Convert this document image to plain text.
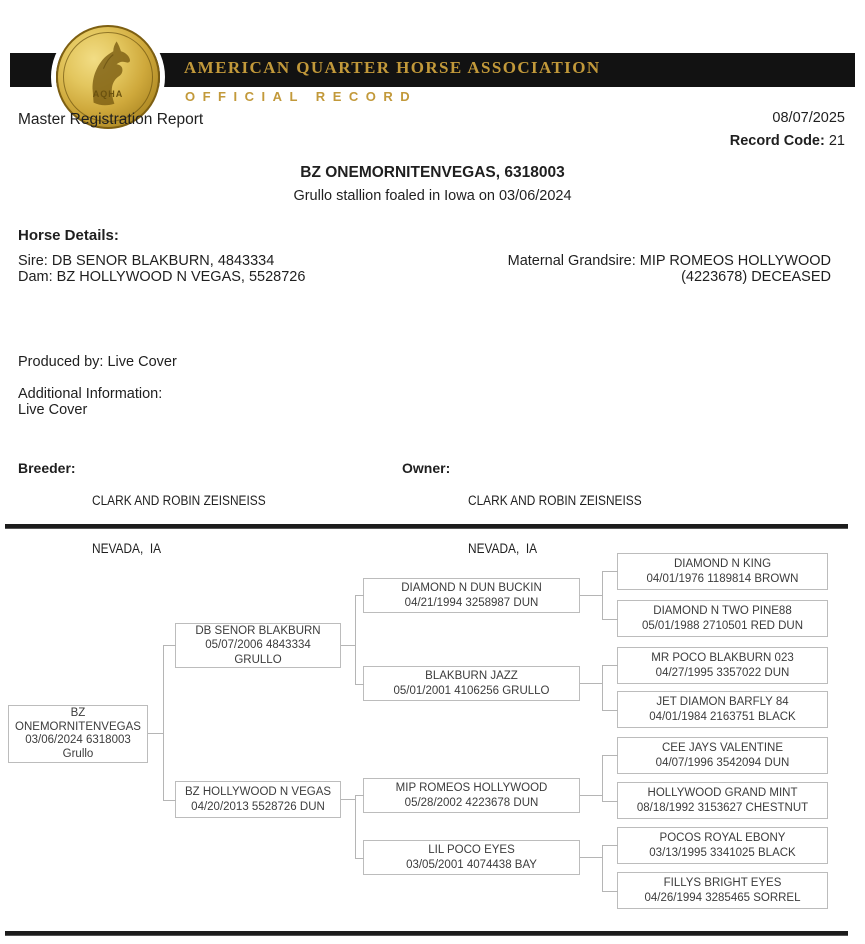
AMERICAN QUARTER HORSE ASSOCIATION
OFFICIAL RECORD
AQHA
Master Registration Report	08/07/2025
Record Code: 21
BZ ONEMORNITENVEGAS, 6318003
Grullo stallion foaled in Iowa on 03/06/2024
Horse Details:
Sire: DB SENOR BLAKBURN, 4843334
Dam: BZ HOLLYWOOD N VEGAS, 5528726
Maternal Grandsire: MIP ROMEOS HOLLYWOOD
(4223678) DECEASED
Produced by: Live Cover
Additional Information:
Live Cover
Breeder:

CLARK AND ROBIN ZEISNEISS

NEVADA,  IA

Owner:

CLARK AND ROBIN ZEISNEISS

NEVADA,  IA

BZ
ONEMORNITENVEGAS
03/06/2024 6318003
Grullo
DB SENOR BLAKBURN
05/07/2006 4843334
GRULLO
BZ HOLLYWOOD N VEGAS
04/20/2013 5528726 DUN
DIAMOND N DUN BUCKIN
04/21/1994 3258987 DUN
BLAKBURN JAZZ
05/01/2001 4106256 GRULLO
MIP ROMEOS HOLLYWOOD
05/28/2002 4223678 DUN
LIL POCO EYES
03/05/2001 4074438 BAY
DIAMOND N KING
04/01/1976 1189814 BROWN
DIAMOND N TWO PINE88
05/01/1988 2710501 RED DUN
MR POCO BLAKBURN 023
04/27/1995 3357022 DUN
JET DIAMON BARFLY 84
04/01/1984 2163751 BLACK
CEE JAYS VALENTINE
04/07/1996 3542094 DUN
HOLLYWOOD GRAND MINT
08/18/1992 3153627 CHESTNUT
POCOS ROYAL EBONY
03/13/1995 3341025 BLACK
FILLYS BRIGHT EYES
04/26/1994 3285465 SORREL
